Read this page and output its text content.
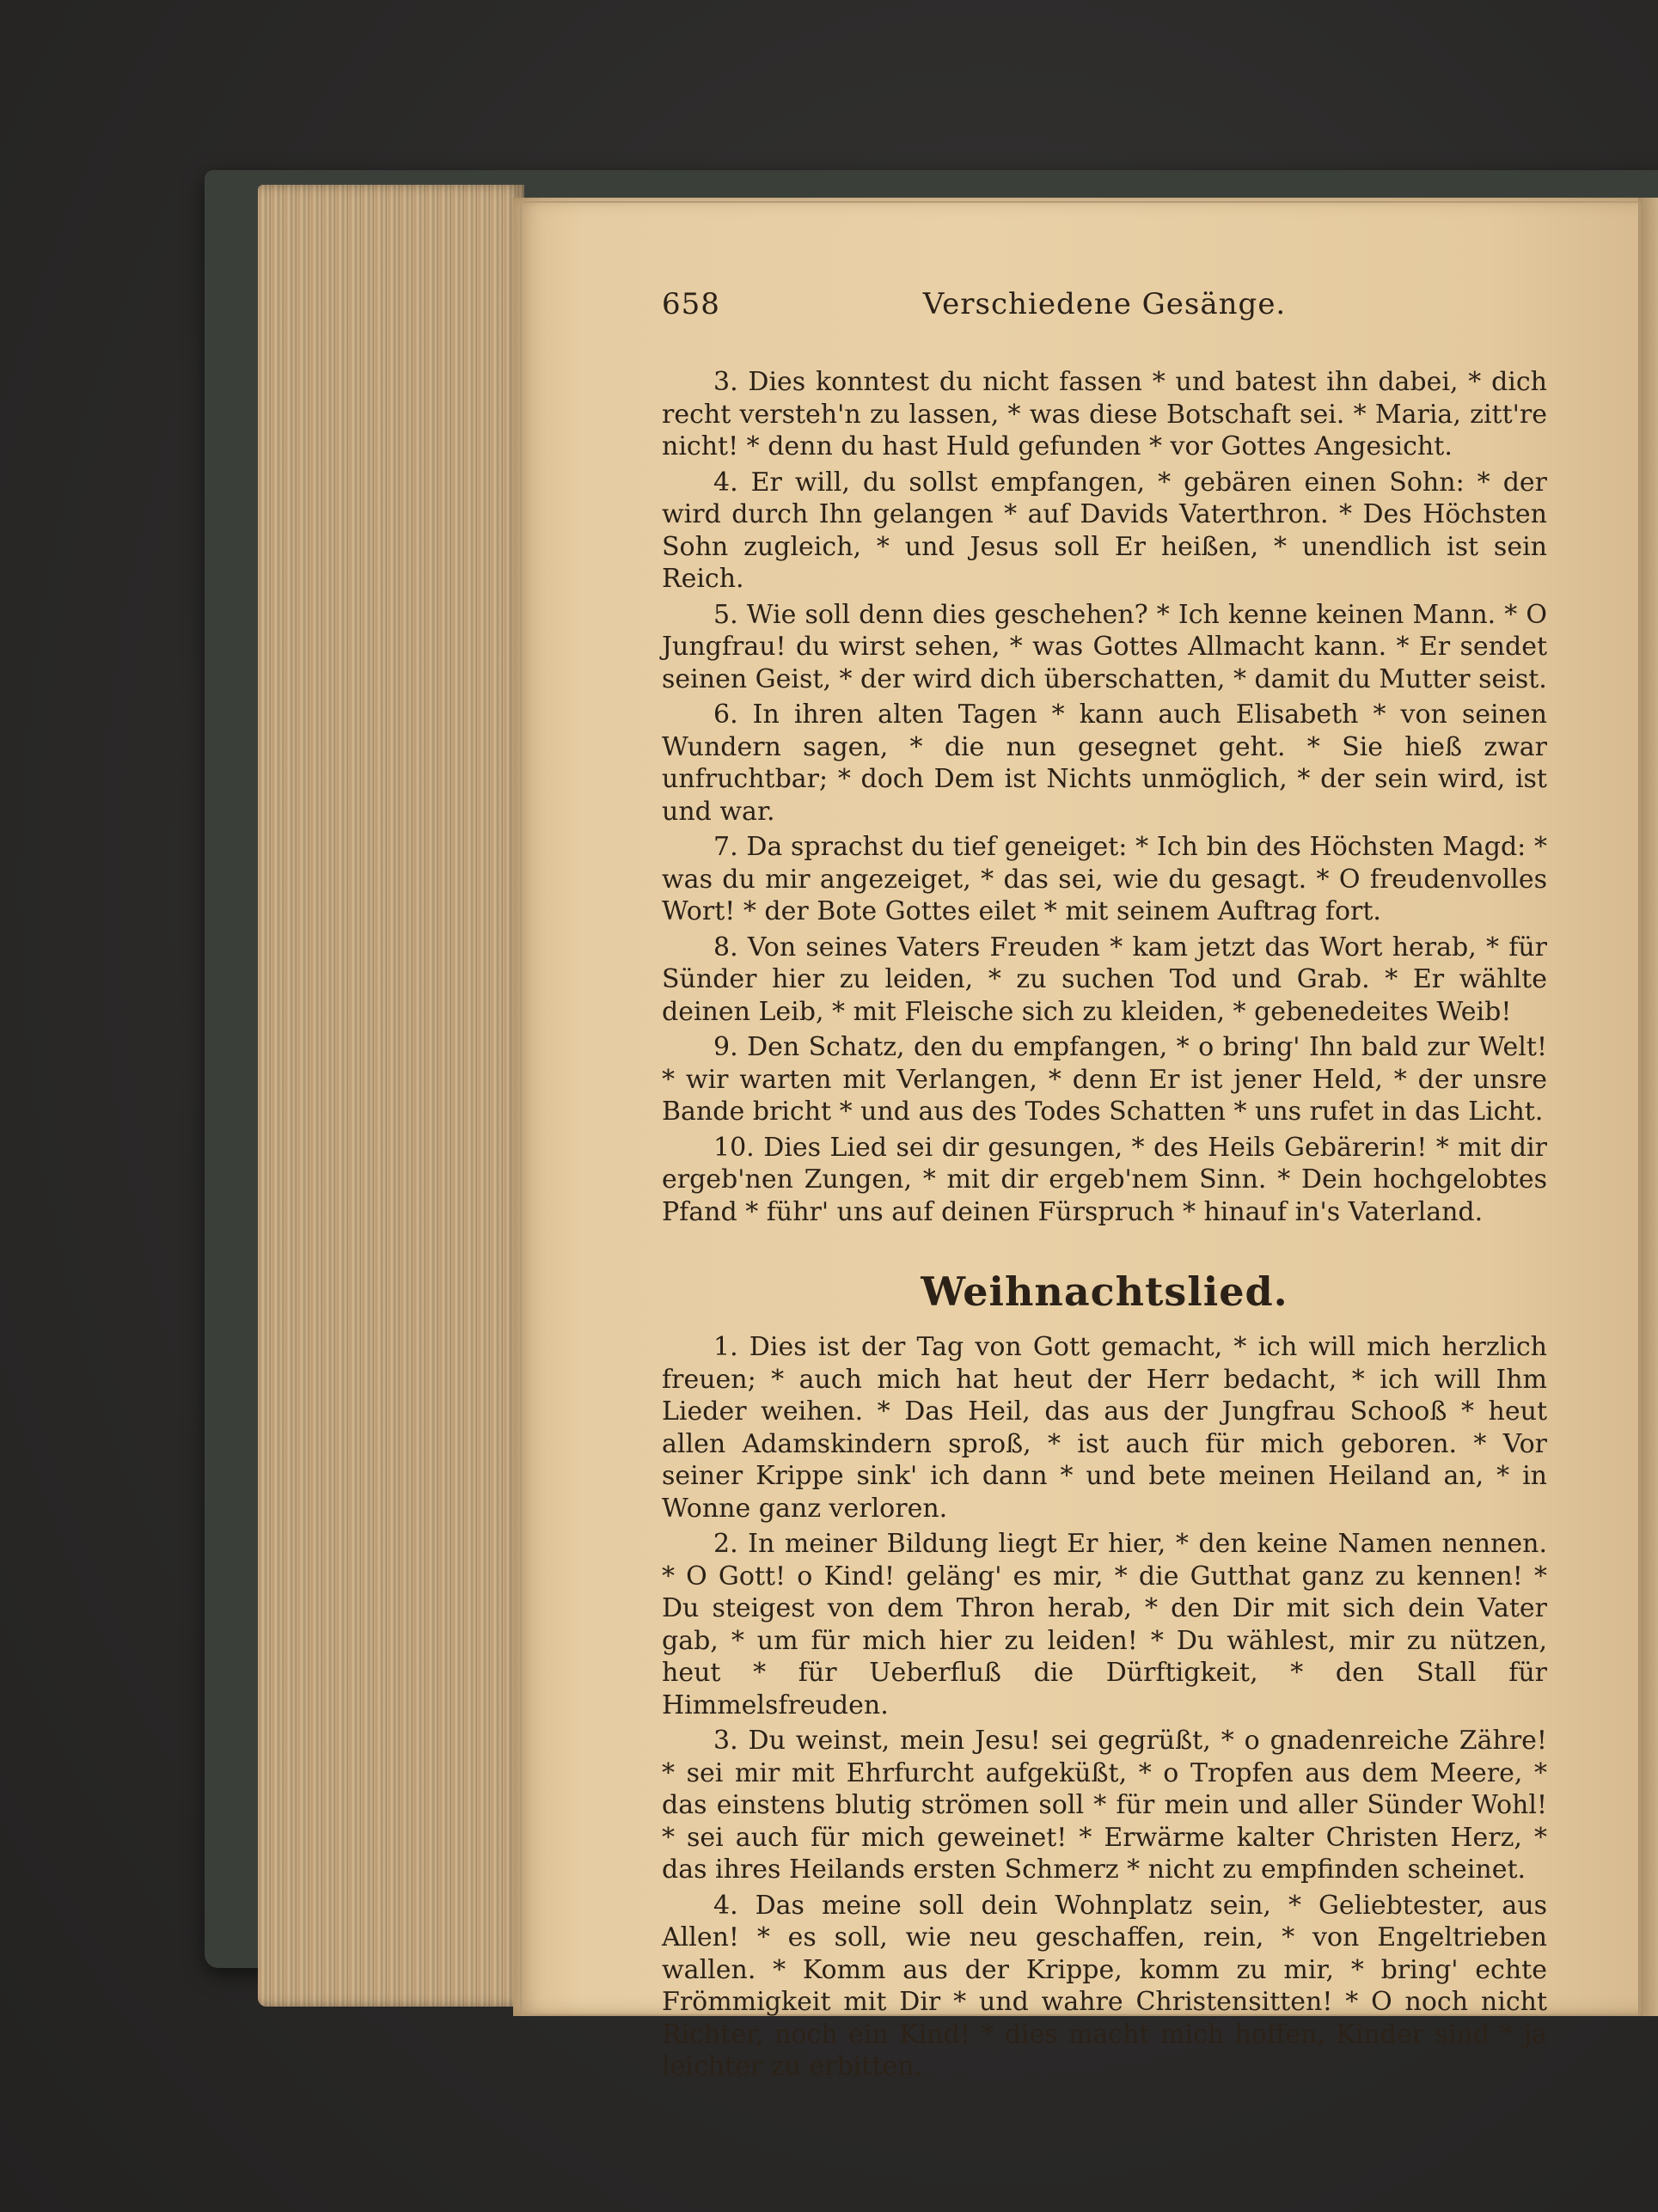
658	Verschiedene Gesänge.

3. Dies konntest du nicht fassen * und batest ihn dabei, * dich recht versteh'n zu lassen, * was diese Botschaft sei. * Maria, zitt're nicht! * denn du hast Huld gefunden * vor Gottes Angesicht.

4. Er will, du sollst empfangen, * gebären einen Sohn: * der wird durch Ihn gelangen * auf Davids Vaterthron. * Des Höchsten Sohn zugleich, * und Jesus soll Er heißen, * unendlich ist sein Reich.

5. Wie soll denn dies geschehen? * Ich kenne keinen Mann. * O Jungfrau! du wirst sehen, * was Gottes Allmacht kann. * Er sendet seinen Geist, * der wird dich überschatten, * damit du Mutter seist.

6. In ihren alten Tagen * kann auch Elisabeth * von seinen Wundern sagen, * die nun gesegnet geht. * Sie hieß zwar unfruchtbar; * doch Dem ist Nichts unmöglich, * der sein wird, ist und war.

7. Da sprachst du tief geneiget: * Ich bin des Höchsten Magd: * was du mir angezeiget, * das sei, wie du gesagt. * O freudenvolles Wort! * der Bote Gottes eilet * mit seinem Auftrag fort.

8. Von seines Vaters Freuden * kam jetzt das Wort herab, * für Sünder hier zu leiden, * zu suchen Tod und Grab. * Er wählte deinen Leib, * mit Fleische sich zu kleiden, * gebenedeites Weib!

9. Den Schatz, den du empfangen, * o bring' Ihn bald zur Welt! * wir warten mit Verlangen, * denn Er ist jener Held, * der unsre Bande bricht * und aus des Todes Schatten * uns rufet in das Licht.

10. Dies Lied sei dir gesungen, * des Heils Gebärerin! * mit dir ergeb'nen Zungen, * mit dir ergeb'nem Sinn. * Dein hochgelobtes Pfand * führ' uns auf deinen Fürspruch * hinauf in's Vaterland.

Weihnachtslied.

1. Dies ist der Tag von Gott gemacht, * ich will mich herzlich freuen; * auch mich hat heut der Herr bedacht, * ich will Ihm Lieder weihen. * Das Heil, das aus der Jungfrau Schooß * heut allen Adamskindern sproß, * ist auch für mich geboren. * Vor seiner Krippe sink' ich dann * und bete meinen Heiland an, * in Wonne ganz verloren.

2. In meiner Bildung liegt Er hier, * den keine Namen nennen. * O Gott! o Kind! geläng' es mir, * die Gutthat ganz zu kennen! * Du steigest von dem Thron herab, * den Dir mit sich dein Vater gab, * um für mich hier zu leiden! * Du wählest, mir zu nützen, heut * für Ueberfluß die Dürftigkeit, * den Stall für Himmelsfreuden.

3. Du weinst, mein Jesu! sei gegrüßt, * o gnadenreiche Zähre! * sei mir mit Ehrfurcht aufgeküßt, * o Tropfen aus dem Meere, * das einstens blutig strömen soll * für mein und aller Sünder Wohl! * sei auch für mich geweinet! * Erwärme kalter Christen Herz, * das ihres Heilands ersten Schmerz * nicht zu empfinden scheinet.

4. Das meine soll dein Wohnplatz sein, * Geliebtester, aus Allen! * es soll, wie neu geschaffen, rein, * von Engeltrieben wallen. * Komm aus der Krippe, komm zu mir, * bring' echte Frömmigkeit mit Dir * und wahre Christensitten! * O noch nicht Richter, noch ein Kind! * dies macht mich hoffen, Kinder sind * ja leichter zu erbitten.
